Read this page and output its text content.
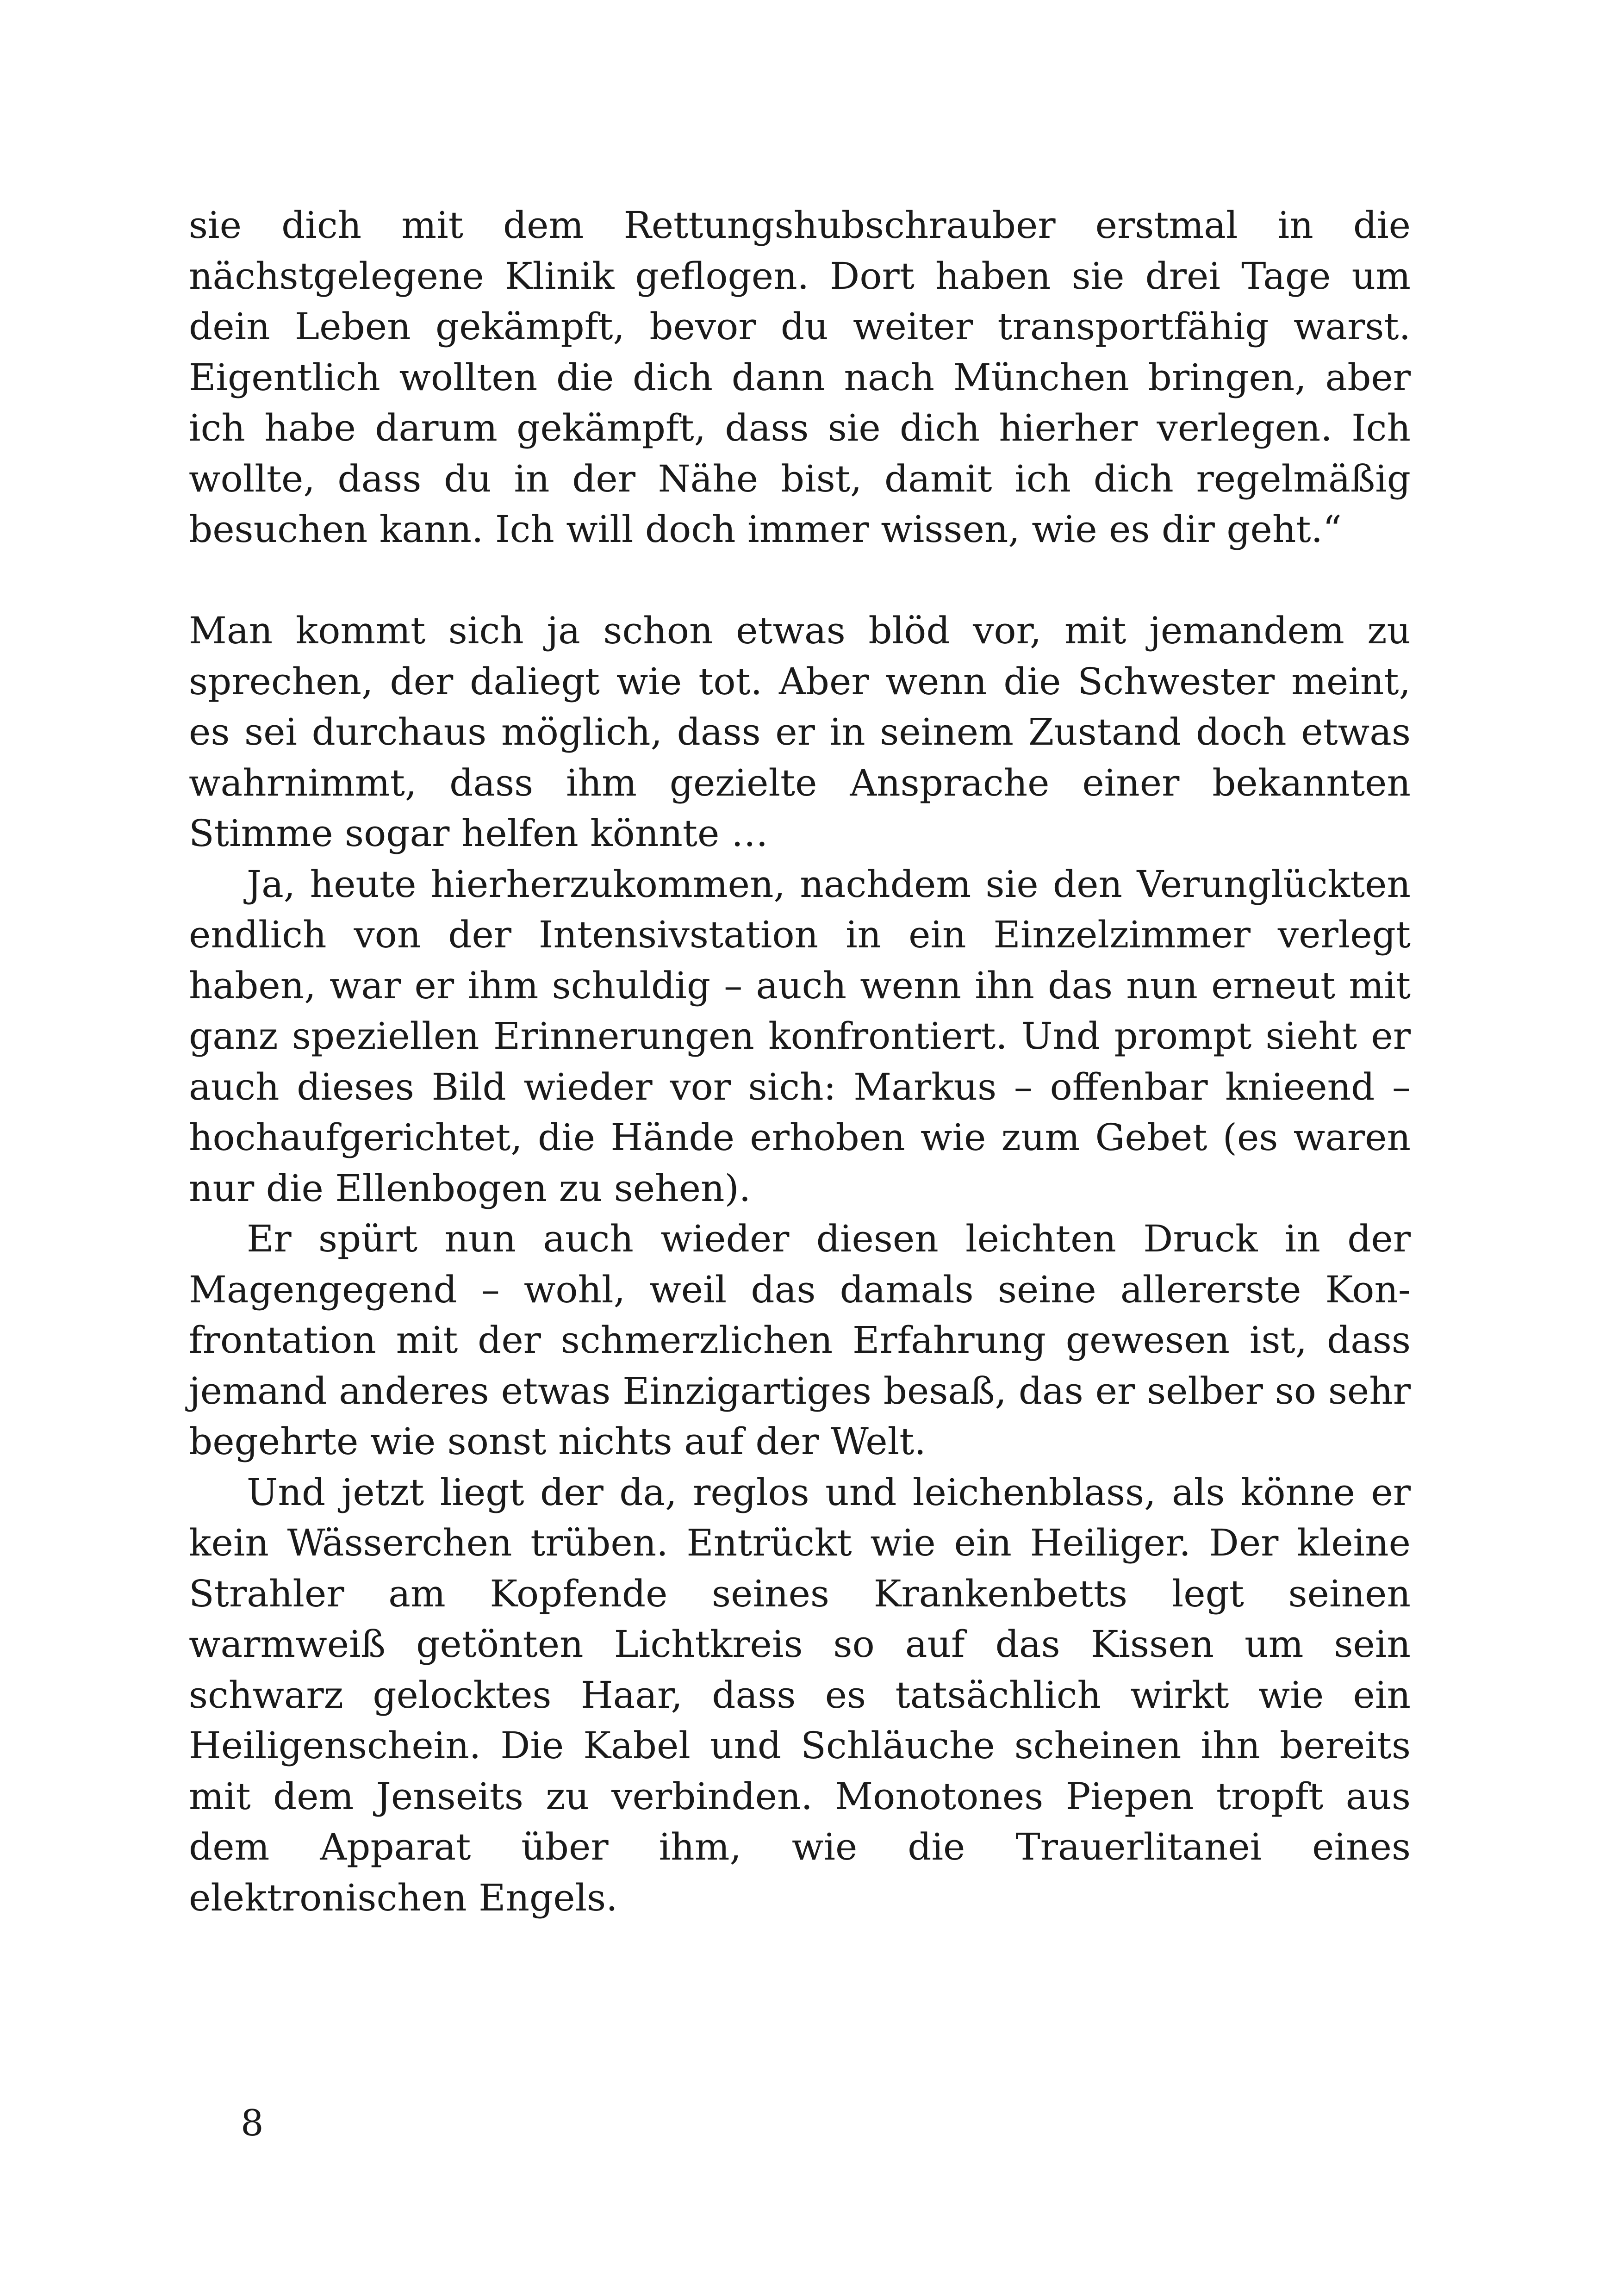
sie dich mit dem Rettungshubschrauber erstmal in die nächstgelegene Klinik geflogen. Dort haben sie drei Tage um dein Leben gekämpft, bevor du weiter transportfähig warst. Eigentlich wollten die dich dann nach München bringen, aber ich habe darum gekämpft, dass sie dich hierher verlegen. Ich wollte, dass du in der Nähe bist, damit ich dich regelmäßig besuchen kann. Ich will doch immer wissen, wie es dir geht.“

Man kommt sich ja schon etwas blöd vor, mit jemandem zu sprechen, der daliegt wie tot. Aber wenn die Schwester meint, es sei durchaus möglich, dass er in seinem Zustand doch etwas wahrnimmt, dass ihm gezielte Ansprache einer bekannten Stimme sogar helfen könnte …

Ja, heute hierherzukommen, nachdem sie den Verunglückten endlich von der Intensivstation in ein Einzelzimmer verlegt haben, war er ihm schuldig – auch wenn ihn das nun erneut mit ganz speziellen Erinnerungen konfrontiert. Und prompt sieht er auch dieses Bild wieder vor sich: Markus – offenbar knieend – hochaufgerichtet, die Hände erhoben wie zum Gebet (es waren nur die Ellenbogen zu sehen).

Er spürt nun auch wieder diesen leichten Druck in der Magengegend – wohl, weil das damals seine allererste Konfrontation mit der schmerzlichen Erfahrung gewesen ist, dass jemand anderes etwas Einzigartiges besaß, das er selber so sehr begehrte wie sonst nichts auf der Welt.

Und jetzt liegt der da, reglos und leichenblass, als könne er kein Wässerchen trüben. Entrückt wie ein Heiliger. Der kleine Strahler am Kopfende seines Krankenbetts legt seinen warmweiß getönten Lichtkreis so auf das Kissen um sein schwarz gelocktes Haar, dass es tatsächlich wirkt wie ein Heiligenschein. Die Kabel und Schläuche scheinen ihn bereits mit dem Jenseits zu verbinden. Monotones Piepen tropft aus dem Apparat über ihm, wie die Trauerlitanei eines elektronischen Engels.

8
